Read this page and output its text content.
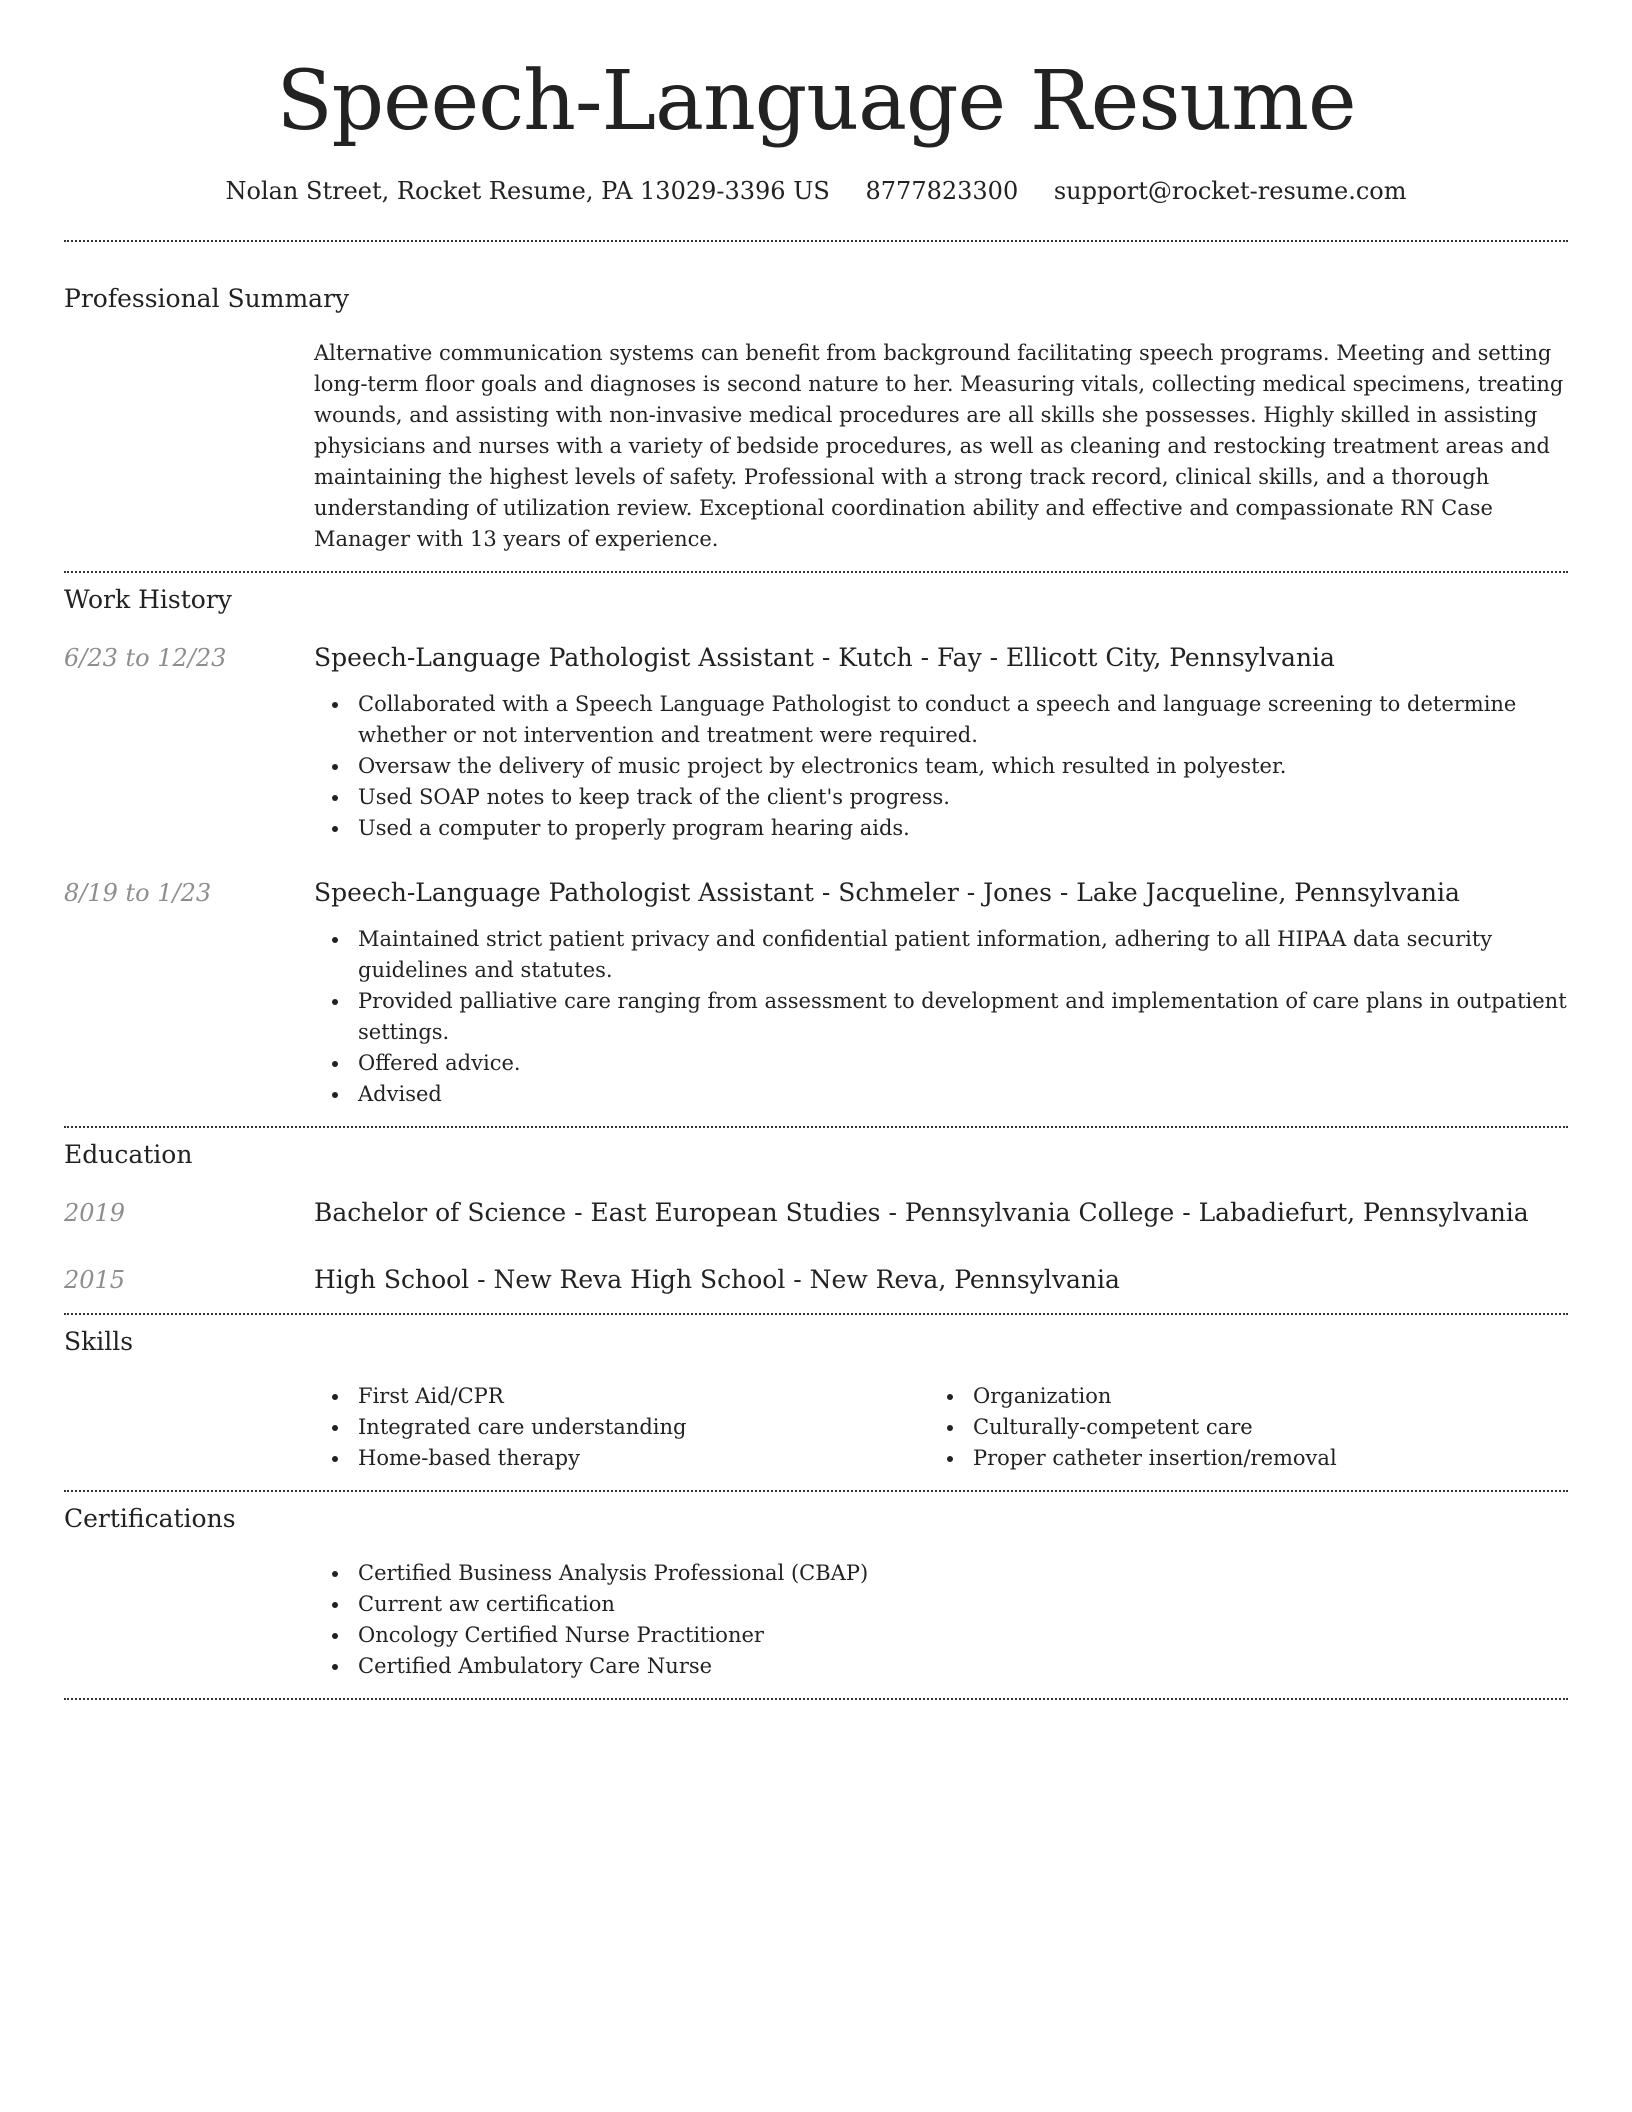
Speech-Language Resume
Nolan Street, Rocket Resume, PA 13029-3396 US 8777823300 support@rocket-resume.com
Professional Summary

Alternative communication systems can benefit from background facilitating speech programs. Meeting and setting long-term floor goals and diagnoses is second nature to her. Measuring vitals, collecting medical specimens, treating wounds, and assisting with non-invasive medical procedures are all skills she possesses. Highly skilled in assisting physicians and nurses with a variety of bedside procedures, as well as cleaning and restocking treatment areas and maintaining the highest levels of safety. Professional with a strong track record, clinical skills, and a thorough understanding of utilization review. Exceptional coordination ability and effective and compassionate RN Case Manager with 13 years of experience.

Work History
6/23 to 12/23	Speech-Language Pathologist Assistant - Kutch - Fay - Ellicott City, Pennsylvania
Collaborated with a Speech Language Pathologist to conduct a speech and language screening to determine whether or not intervention and treatment were required.
Oversaw the delivery of music project by electronics team, which resulted in polyester.
Used SOAP notes to keep track of the client's progress.
Used a computer to properly program hearing aids.
8/19 to 1/23	Speech-Language Pathologist Assistant - Schmeler - Jones - Lake Jacqueline, Pennsylvania
Maintained strict patient privacy and confidential patient information, adhering to all HIPAA data security guidelines and statutes.
Provided palliative care ranging from assessment to development and implementation of care plans in outpatient settings.
Offered advice.
Advised
Education
2019	Bachelor of Science - East European Studies - Pennsylvania College - Labadiefurt, Pennsylvania
2015	High School - New Reva High School - New Reva, Pennsylvania
Skills
First Aid/CPR
Integrated care understanding
Home-based therapy
Organization
Culturally-competent care
Proper catheter insertion/removal
Certifications
Certified Business Analysis Professional (CBAP)
Current aw certification
Oncology Certified Nurse Practitioner
Certified Ambulatory Care Nurse
